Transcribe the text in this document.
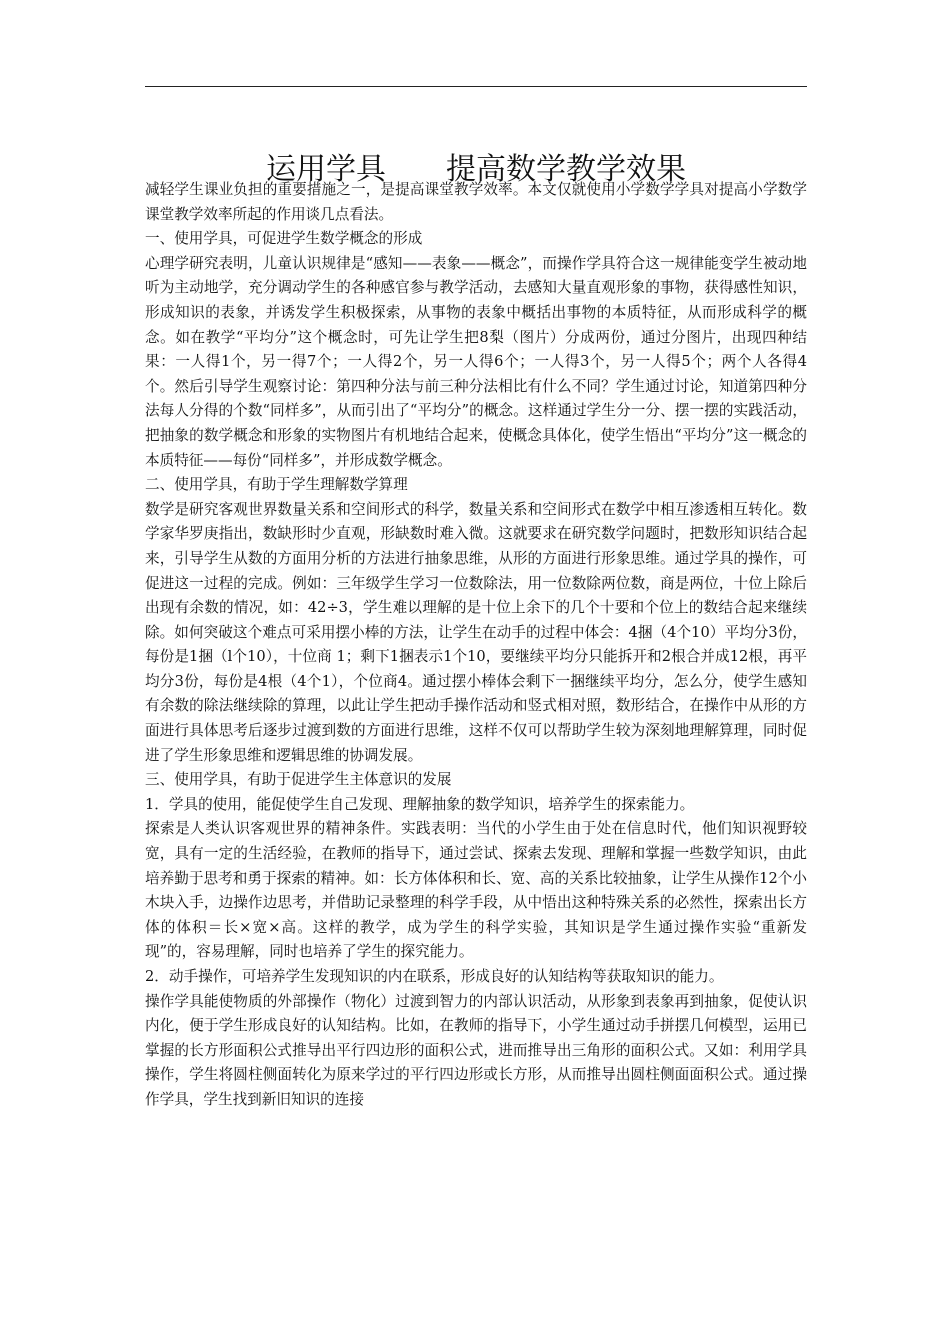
运用学具　　提高数学教学效果

减轻学生课业负担的重要措施之一，是提高课堂教学效率。本文仅就使用小学数学学具对提高小学数学课堂教学效率所起的作用谈几点看法。

一、使用学具，可促进学生数学概念的形成

心理学研究表明，儿童认识规律是“感知——表象——概念”，而操作学具符合这一规律能变学生被动地听为主动地学，充分调动学生的各种感官参与教学活动，去感知大量直观形象的事物，获得感性知识，形成知识的表象，并诱发学生积极探索，从事物的表象中概括出事物的本质特征，从而形成科学的概念。如在教学“平均分”这个概念时，可先让学生把8梨（图片）分成两份，通过分图片，出现四种结果：一人得1个，另一得7个；一人得2个，另一人得6个；一人得3个，另一人得5个；两个人各得4个。然后引导学生观察讨论：第四种分法与前三种分法相比有什么不同？学生通过讨论，知道第四种分法每人分得的个数“同样多”，从而引出了“平均分”的概念。这样通过学生分一分、摆一摆的实践活动，把抽象的数学概念和形象的实物图片有机地结合起来，使概念具体化，使学生悟出“平均分”这一概念的本质特征——每份“同样多”，并形成数学概念。

二、使用学具，有助于学生理解数学算理

数学是研究客观世界数量关系和空间形式的科学，数量关系和空间形式在数学中相互渗透相互转化。数学家华罗庚指出，数缺形时少直观，形缺数时难入微。这就要求在研究数学问题时，把数形知识结合起来，引导学生从数的方面用分析的方法进行抽象思维，从形的方面进行形象思维。通过学具的操作，可促进这一过程的完成。例如：三年级学生学习一位数除法，用一位数除两位数，商是两位，十位上除后出现有余数的情况，如：42÷3，学生难以理解的是十位上余下的几个十要和个位上的数结合起来继续除。如何突破这个难点可采用摆小棒的方法，让学生在动手的过程中体会：4捆（4个10）平均分3份，每份是1捆（l个10），十位商 1；剩下1捆表示1个10，要继续平均分只能拆开和2根合并成12根，再平均分3份，每份是4根（4个1），个位商4。通过摆小棒体会剩下一捆继续平均分，怎么分，使学生感知有余数的除法继续除的算理，以此让学生把动手操作活动和竖式相对照，数形结合，在操作中从形的方面进行具体思考后逐步过渡到数的方面进行思维，这样不仅可以帮助学生较为深刻地理解算理，同时促进了学生形象思维和逻辑思维的协调发展。

三、使用学具，有助于促进学生主体意识的发展

1．学具的使用，能促使学生自己发现、理解抽象的数学知识，培养学生的探索能力。

探索是人类认识客观世界的精神条件。实践表明：当代的小学生由于处在信息时代，他们知识视野较宽，具有一定的生活经验，在教师的指导下，通过尝试、探索去发现、理解和掌握一些数学知识，由此培养勤于思考和勇于探索的精神。如：长方体体积和长、宽、高的关系比较抽象，让学生从操作12个小木块入手，边操作边思考，并借助记录整理的科学手段，从中悟出这种特殊关系的必然性，探索出长方体的体积＝长×宽×高。这样的教学，成为学生的科学实验，其知识是学生通过操作实验“重新发现”的，容易理解，同时也培养了学生的探究能力。

2．动手操作，可培养学生发现知识的内在联系，形成良好的认知结构等获取知识的能力。

操作学具能使物质的外部操作（物化）过渡到智力的内部认识活动，从形象到表象再到抽象，促使认识内化，便于学生形成良好的认知结构。比如，在教师的指导下，小学生通过动手拼摆几何模型，运用已掌握的长方形面积公式推导出平行四边形的面积公式，进而推导出三角形的面积公式。又如：利用学具操作，学生将圆柱侧面转化为原来学过的平行四边形或长方形，从而推导出圆柱侧面面积公式。通过操作学具，学生找到新旧知识的连接
